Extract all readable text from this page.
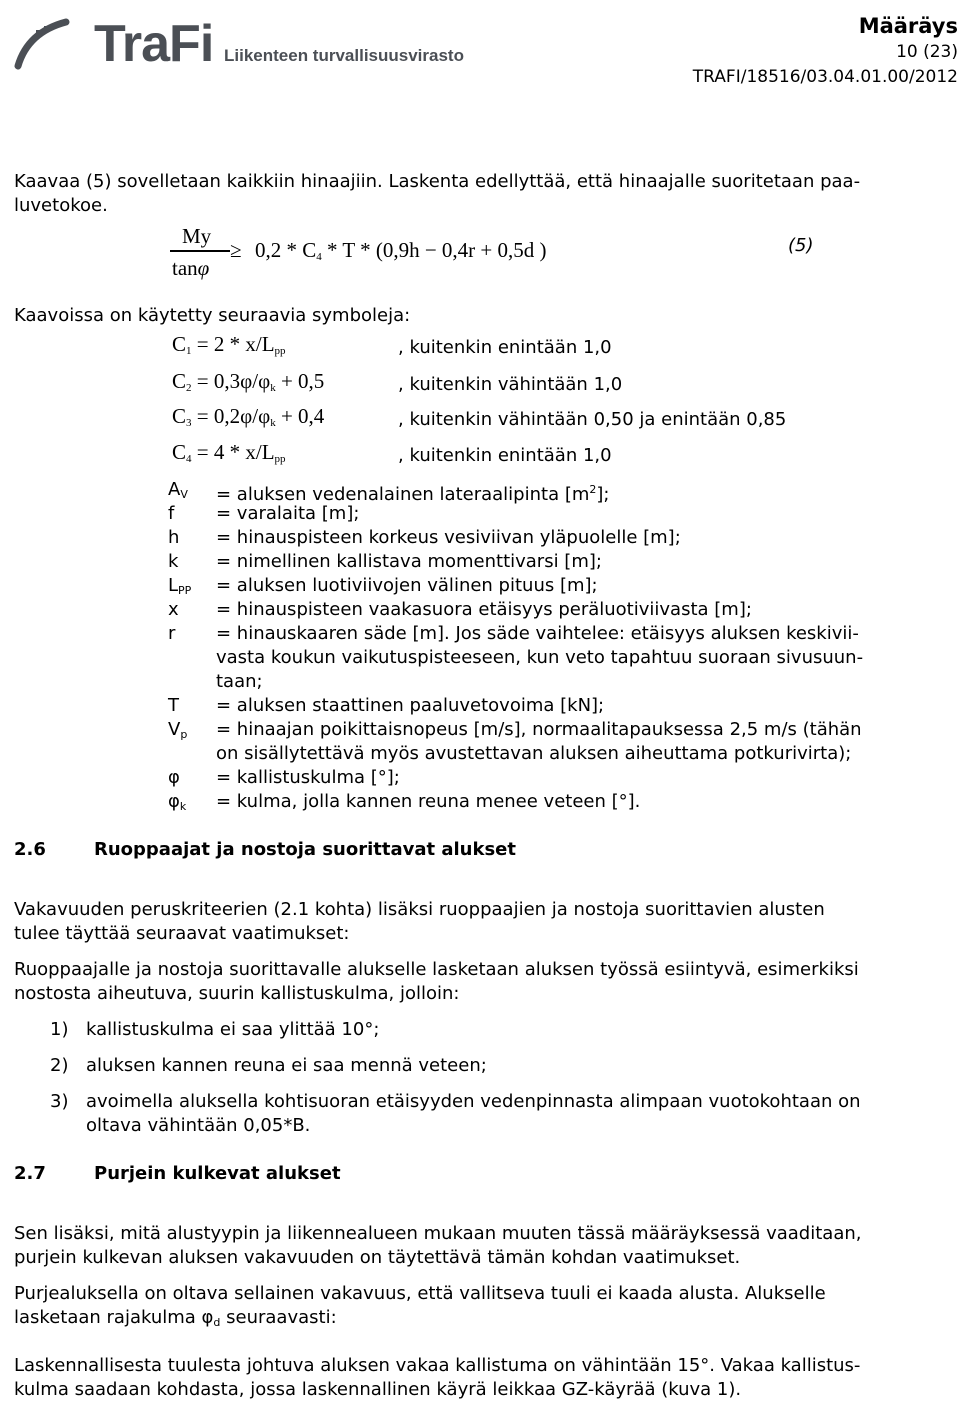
TraFi Liikenteen turvallisuusvirasto
Määräys
10 (23)
TRAFI/18516/03.04.01.00/2012
Kaavaa (5) sovelletaan kaikkiin hinaajiin. Laskenta edellyttää, että hinaajalle suoritetaan paa-
luvetokoe.
My
tanφ
≥ $0,2 * C_4 * T * (0,9h - 0,4r + 0,5d$ )	(5)
Kaavoissa on käytetty seuraavia symboleja:
$C_1 = 2 * x/L_{pp}$	, kuitenkin enintään 1,0
$C_2 = 0,3\varphi/\varphi_k + 0,5$	, kuitenkin vähintään 1,0
$C_3 = 0,2\varphi/\varphi_k + 0,4$	, kuitenkin vähintään 0,50 ja enintään 0,85
$C_4 = 4 * x/L_{pp}$	, kuitenkin enintään 1,0
$A_V$ = aluksen vedenalainen lateraalipinta $[m^2]$;
f = varalaita [m];
h = hinauspisteen korkeus vesiviivan yläpuolelle [m];
k = nimellinen kallistava momenttivarsi [m];
$L_{PP}$ = aluksen luotiviivojen välinen pituus [m];
x = hinauspisteen vaakasuora etäisyys peräluotiviivasta [m];
r = hinauskaaren säde [m]. Jos säde vaihtelee: etäisyys aluksen keskivii-
vasta koukun vaikutuspisteeseen, kun veto tapahtuu suoraan sivusuun-
taan;
T = aluksen staattinen paaluvetovoima [kN];
$V_p$ = hinaajan poikittaisnopeus [m/s], normaalitapauksessa 2,5 m/s (tähän
on sisällytettävä myös avustettavan aluksen aiheuttama potkurivirta);
φ = kallistuskulma [°];
$\varphi_k$ = kulma, jolla kannen reuna menee veteen [°].
2.6	Ruoppaajat ja nostoja suorittavat alukset
Vakavuuden peruskriteerien (2.1 kohta) lisäksi ruoppaajien ja nostoja suorittavien alusten
tulee täyttää seuraavat vaatimukset:
Ruoppaajalle ja nostoja suorittavalle alukselle lasketaan aluksen työssä esiintyvä, esimerkiksi
nostosta aiheutuva, suurin kallistuskulma, jolloin:
1) kallistuskulma ei saa ylittää 10°;
2) aluksen kannen reuna ei saa mennä veteen;
3) avoimella aluksella kohtisuoran etäisyyden vedenpinnasta alimpaan vuotokohtaan on
oltava vähintään 0,05*B.
2.7	Purjein kulkevat alukset
Sen lisäksi, mitä alustyypin ja liikennealueen mukaan muuten tässä määräyksessä vaaditaan,
purjein kulkevan aluksen vakavuuden on täytettävä tämän kohdan vaatimukset.
Purjealuksella on oltava sellainen vakavuus, että vallitseva tuuli ei kaada alusta. Alukselle
lasketaan rajakulma $\varphi_d$ seuraavasti:
Laskennallisesta tuulesta johtuva aluksen vakaa kallistuma on vähintään 15°. Vakaa kallistus-
kulma saadaan kohdasta, jossa laskennallinen käyrä leikkaa GZ-käyrää (kuva 1).
